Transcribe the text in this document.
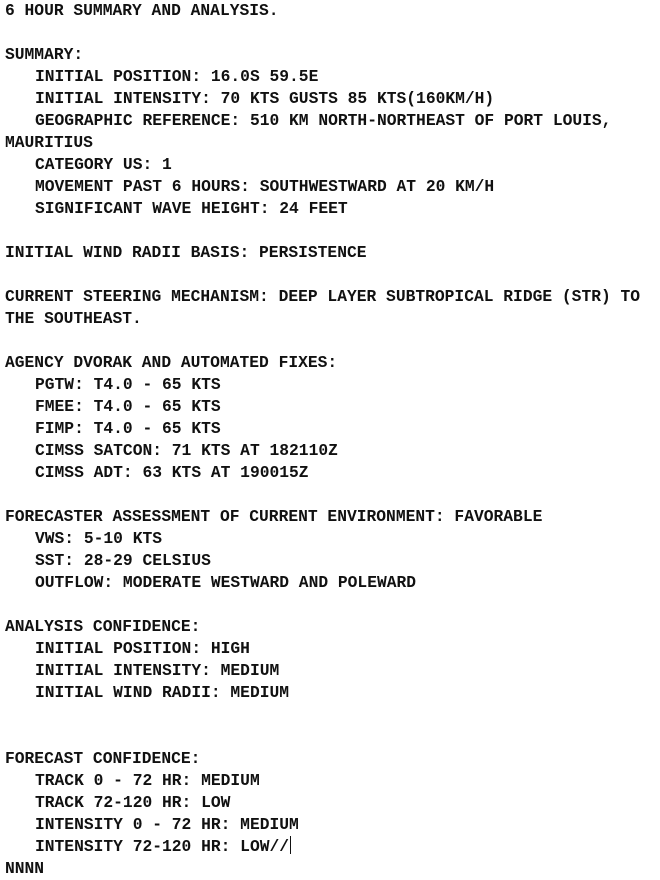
6 HOUR SUMMARY AND ANALYSIS.
SUMMARY:
INITIAL POSITION: 16.0S 59.5E
INITIAL INTENSITY: 70 KTS GUSTS 85 KTS(160KM/H)
GEOGRAPHIC REFERENCE: 510 KM NORTH-NORTHEAST OF PORT LOUIS,
MAURITIUS
CATEGORY US: 1
MOVEMENT PAST 6 HOURS: SOUTHWESTWARD AT 20 KM/H
SIGNIFICANT WAVE HEIGHT: 24 FEET
INITIAL WIND RADII BASIS: PERSISTENCE
CURRENT STEERING MECHANISM: DEEP LAYER SUBTROPICAL RIDGE (STR) TO
THE SOUTHEAST.
AGENCY DVORAK AND AUTOMATED FIXES:
PGTW: T4.0 - 65 KTS
FMEE: T4.0 - 65 KTS
FIMP: T4.0 - 65 KTS
CIMSS SATCON: 71 KTS AT 182110Z
CIMSS ADT: 63 KTS AT 190015Z
FORECASTER ASSESSMENT OF CURRENT ENVIRONMENT: FAVORABLE
VWS: 5-10 KTS
SST: 28-29 CELSIUS
OUTFLOW: MODERATE WESTWARD AND POLEWARD
ANALYSIS CONFIDENCE:
INITIAL POSITION: HIGH
INITIAL INTENSITY: MEDIUM
INITIAL WIND RADII: MEDIUM
FORECAST CONFIDENCE:
TRACK 0 - 72 HR: MEDIUM
TRACK 72-120 HR: LOW
INTENSITY 0 - 72 HR: MEDIUM
INTENSITY 72-120 HR: LOW//
NNNN
